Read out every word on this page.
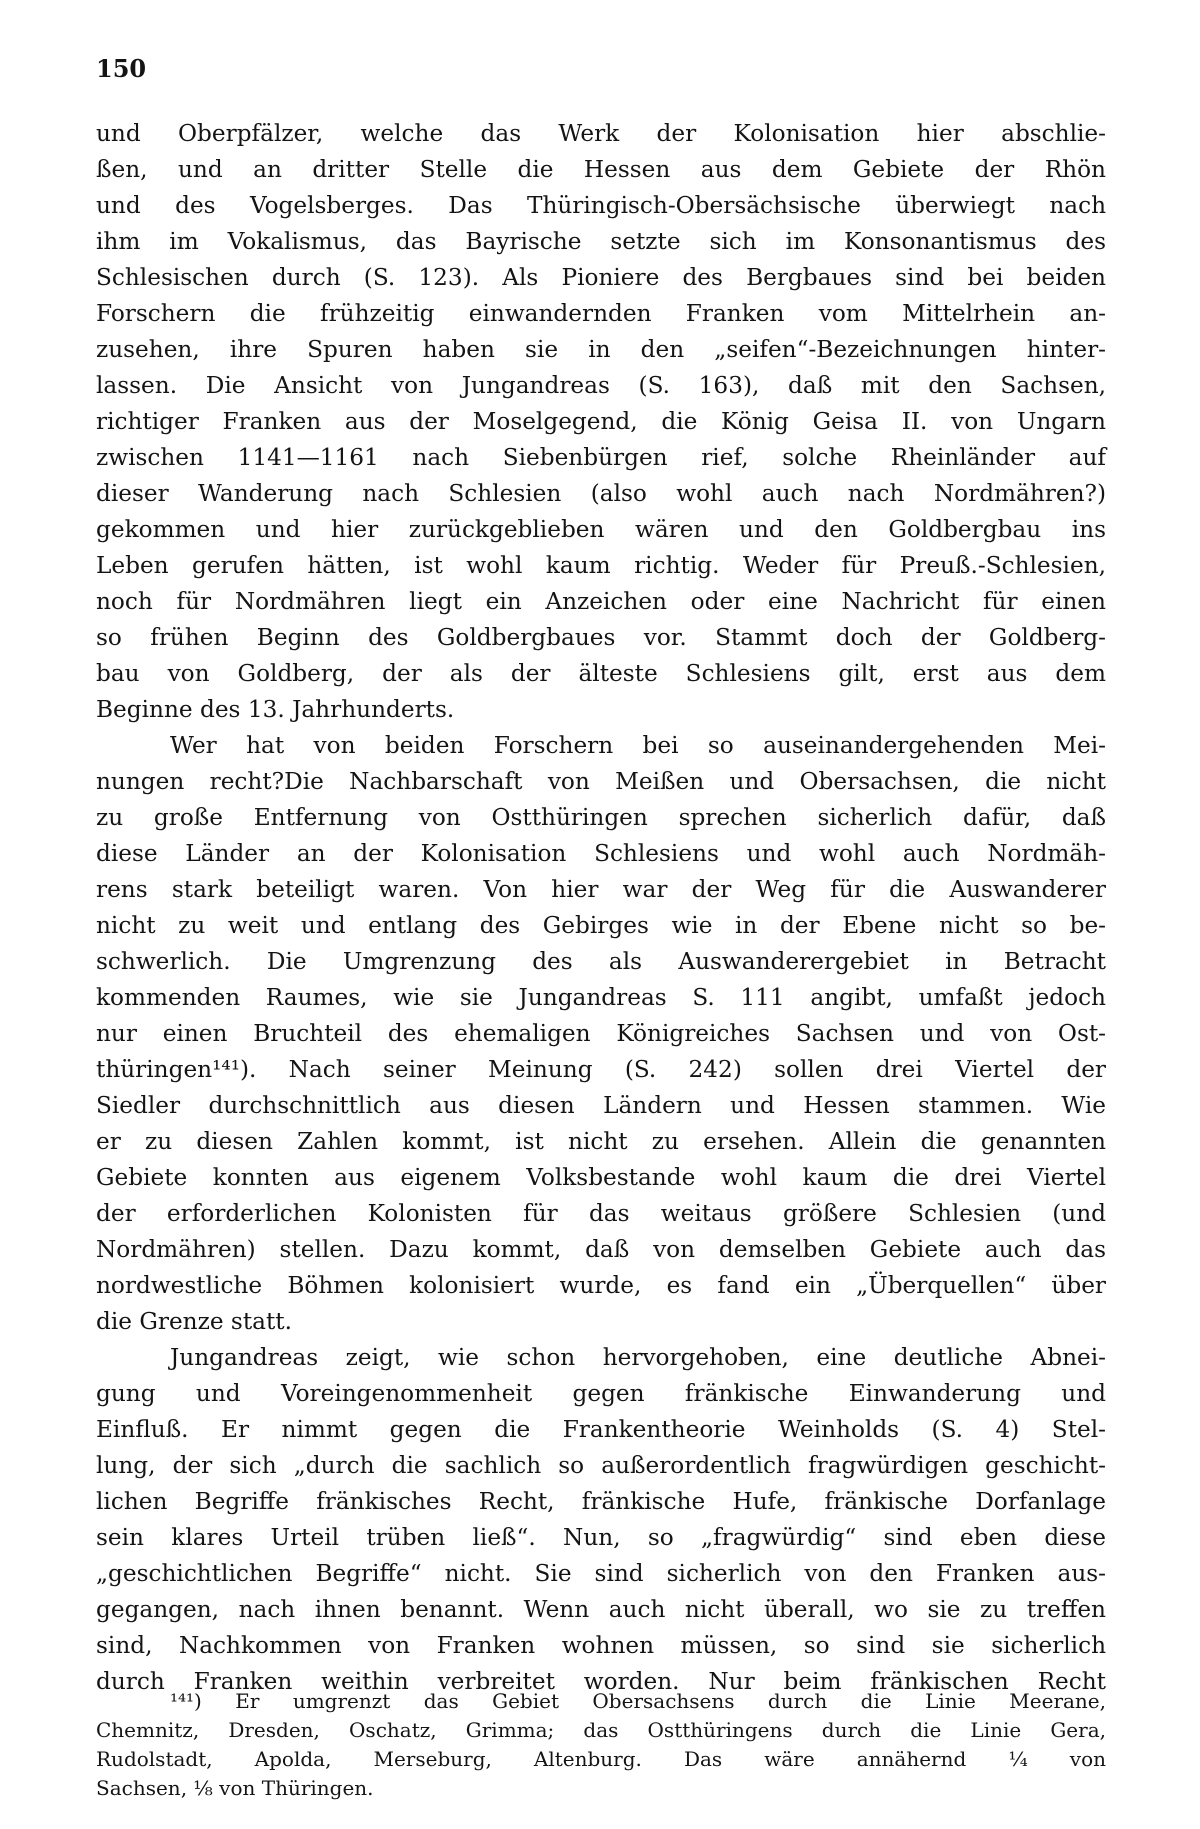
150
und Oberpfälzer, welche das Werk der Kolonisation hier abschlie-
ßen, und an dritter Stelle die Hessen aus dem Gebiete der Rhön
und des Vogelsberges. Das Thüringisch-Obersächsische überwiegt nach
ihm im Vokalismus, das Bayrische setzte sich im Konsonantismus des
Schlesischen durch (S. 123). Als Pioniere des Bergbaues sind bei beiden
Forschern die frühzeitig einwandernden Franken vom Mittelrhein an-
zusehen, ihre Spuren haben sie in den „seifen“-Bezeichnungen hinter-
lassen. Die Ansicht von Jungandreas (S. 163), daß mit den Sachsen,
richtiger Franken aus der Moselgegend, die König Geisa II. von Ungarn
zwischen 1141—1161 nach Siebenbürgen rief, solche Rheinländer auf
dieser Wanderung nach Schlesien (also wohl auch nach Nordmähren?)
gekommen und hier zurückgeblieben wären und den Goldbergbau ins
Leben gerufen hätten, ist wohl kaum richtig. Weder für Preuß.-Schlesien,
noch für Nordmähren liegt ein Anzeichen oder eine Nachricht für einen
so frühen Beginn des Goldbergbaues vor. Stammt doch der Goldberg-
bau von Goldberg, der als der älteste Schlesiens gilt, erst aus dem
Beginne des 13. Jahrhunderts.
Wer hat von beiden Forschern bei so auseinandergehenden Mei-
nungen recht?Die Nachbarschaft von Meißen und Obersachsen, die nicht
zu große Entfernung von Ostthüringen sprechen sicherlich dafür, daß
diese Länder an der Kolonisation Schlesiens und wohl auch Nordmäh-
rens stark beteiligt waren. Von hier war der Weg für die Auswanderer
nicht zu weit und entlang des Gebirges wie in der Ebene nicht so be-
schwerlich. Die Umgrenzung des als Auswanderergebiet in Betracht
kommenden Raumes, wie sie Jungandreas S. 111 angibt, umfaßt jedoch
nur einen Bruchteil des ehemaligen Königreiches Sachsen und von Ost-
thüringen¹⁴¹). Nach seiner Meinung (S. 242) sollen drei Viertel der
Siedler durchschnittlich aus diesen Ländern und Hessen stammen. Wie
er zu diesen Zahlen kommt, ist nicht zu ersehen. Allein die genannten
Gebiete konnten aus eigenem Volksbestande wohl kaum die drei Viertel
der erforderlichen Kolonisten für das weitaus größere Schlesien (und
Nordmähren) stellen. Dazu kommt, daß von demselben Gebiete auch das
nordwestliche Böhmen kolonisiert wurde, es fand ein „Überquellen“ über
die Grenze statt.
Jungandreas zeigt, wie schon hervorgehoben, eine deutliche Abnei-
gung und Voreingenommenheit gegen fränkische Einwanderung und
Einfluß. Er nimmt gegen die Frankentheorie Weinholds (S. 4) Stel-
lung, der sich „durch die sachlich so außerordentlich fragwürdigen geschicht-
lichen Begriffe fränkisches Recht, fränkische Hufe, fränkische Dorfanlage
sein klares Urteil trüben ließ“. Nun, so „fragwürdig“ sind eben diese
„geschichtlichen Begriffe“ nicht. Sie sind sicherlich von den Franken aus-
gegangen, nach ihnen benannt. Wenn auch nicht überall, wo sie zu treffen
sind, Nachkommen von Franken wohnen müssen, so sind sie sicherlich
durch Franken weithin verbreitet worden. Nur beim fränkischen Recht
¹⁴¹) Er umgrenzt das Gebiet Obersachsens durch die Linie Meerane,
Chemnitz, Dresden, Oschatz, Grimma; das Ostthüringens durch die Linie Gera,
Rudolstadt, Apolda, Merseburg, Altenburg. Das wäre annähernd ¼ von
Sachsen, ⅛ von Thüringen.
